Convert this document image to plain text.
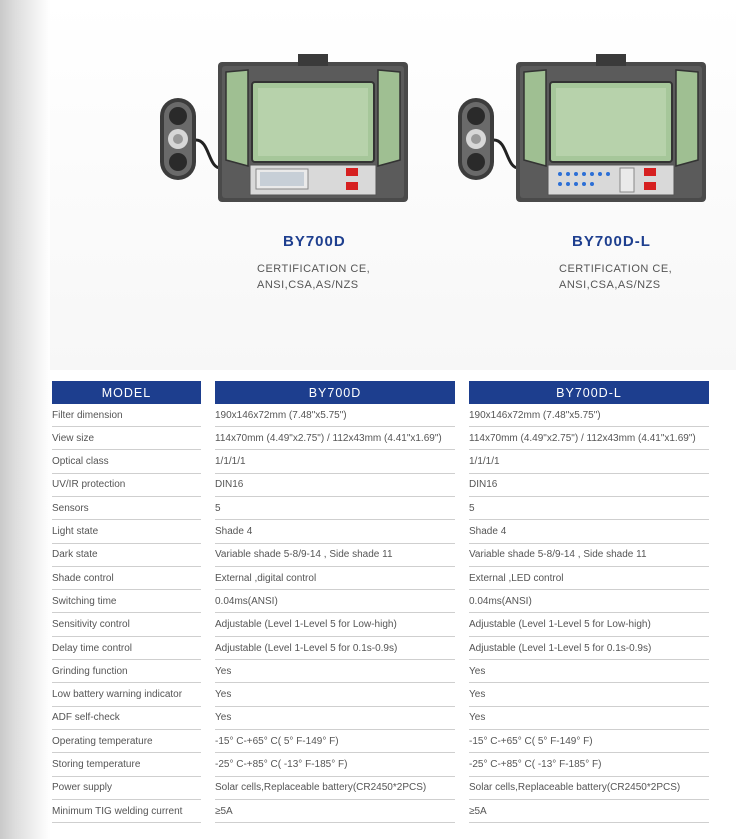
BY700D
CERTIFICATION CE,
ANSI,CSA,AS/NZS
BY700D-L
CERTIFICATION CE,
ANSI,CSA,AS/NZS
MODEL	BY700D	BY700D-L
Filter dimension	190x146x72mm (7.48"x5.75")	190x146x72mm (7.48"x5.75")
View size	114x70mm (4.49"x2.75") / 112x43mm (4.41"x1.69")	114x70mm (4.49"x2.75") / 112x43mm (4.41"x1.69")
Optical class	1/1/1/1	1/1/1/1
UV/IR protection	DIN16	DIN16
Sensors	5	5
Light state	Shade 4	Shade 4
Dark state	Variable shade 5-8/9-14 , Side shade 11	Variable shade 5-8/9-14 , Side shade 11
Shade control	External ,digital control	External ,LED control
Switching time	0.04ms(ANSI)	0.04ms(ANSI)
Sensitivity control	Adjustable (Level 1-Level 5 for Low-high)	Adjustable (Level 1-Level 5 for Low-high)
Delay time control	Adjustable (Level 1-Level 5 for 0.1s-0.9s)	Adjustable (Level 1-Level 5 for 0.1s-0.9s)
Grinding function	Yes	Yes
Low battery warning indicator	Yes	Yes
ADF self-check	Yes	Yes
Operating temperature	-15° C-+65° C( 5° F-149° F)	-15° C-+65° C( 5° F-149° F)
Storing temperature	-25° C-+85° C( -13° F-185° F)	-25° C-+85° C( -13° F-185° F)
Power supply	Solar cells,Replaceable battery(CR2450*2PCS)	Solar cells,Replaceable battery(CR2450*2PCS)
Minimum TIG welding current	≥5A	≥5A
